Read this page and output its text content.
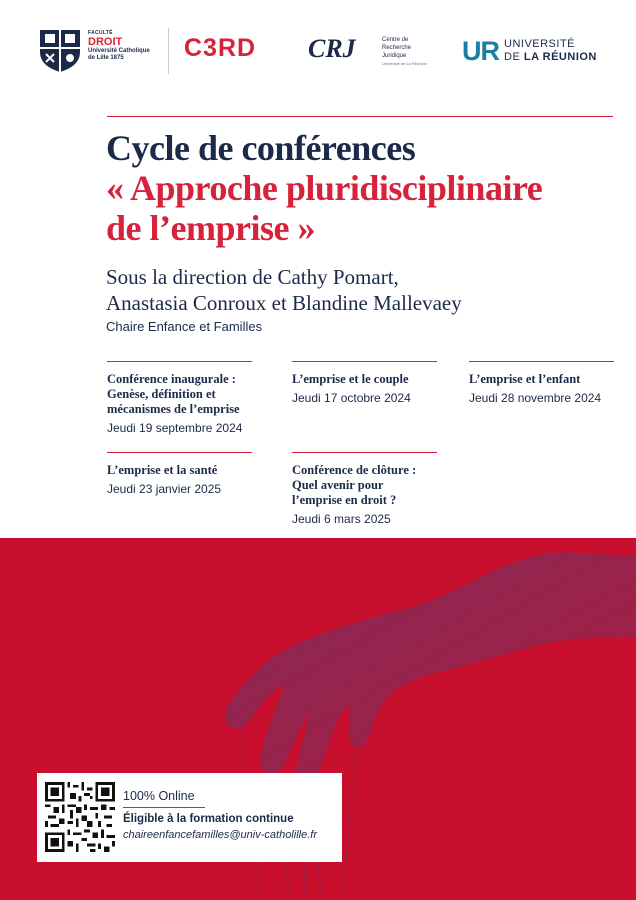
FACULTÉ
DROIT
Université Catholique
de Lille 1875	C3RD CRJ	Centre de
Recherche
Juridique
Université de La Réunion UR UNIVERSITÉ
DE LA RÉUNION
Cycle de conférences
« Approche pluridisciplinaire
de l’emprise »
Sous la direction de Cathy Pomart,
Anastasia Conroux et Blandine Mallevaey
Chaire Enfance et Familles
Conférence inaugurale :
Genèse, définition et
mécanismes de l’emprise
Jeudi 19 septembre 2024
L’emprise et le couple
Jeudi 17 octobre 2024
L’emprise et l’enfant
Jeudi 28 novembre 2024
L’emprise et la santé
Jeudi 23 janvier 2025
Conférence de clôture :
Quel avenir pour
l’emprise en droit ?
Jeudi 6 mars 2025
100% Online
Éligible à la formation continue
chaireenfancefamilles@univ-catholille.fr
